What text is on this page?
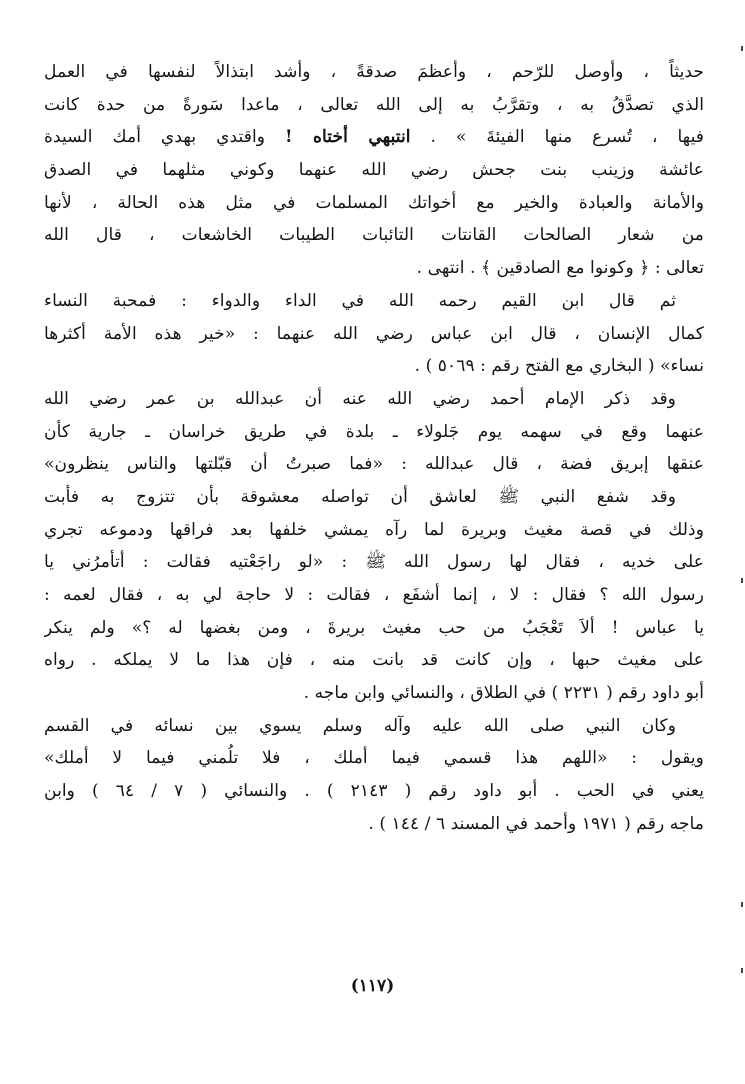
حديثاً ، وأوصل للرّحم ، وأعظمَ صدقةً ، وأشد ابتذالاً لنفسها في العمل
الذي تصدَّقُ به ، وتقرَّبُ به إلى الله تعالى ، ماعدا سَورةً من حدة كانت
فيها ، تُسرع منها الفيئةَ » . انتبهي أختاه ! واقتدي بهدي أمك السيدة
عائشة وزينب بنت جحش رضي الله عنهما وكوني مثلهما في الصدق
والأمانة والعبادة والخير مع أخواتك المسلمات في مثل هذه الحالة ، لأنها
من شعار الصالحات القانتات التائبات الطيبات الخاشعات ، قال الله
تعالى : ﴿ وكونوا مع الصادقين ﴾ . انتهى .
ثم قال ابن القيم رحمه الله في الداء والدواء : فمحبة النساء
كمال الإنسان ، قال ابن عباس رضي الله عنهما : «خير هذه الأمة أكثرها
نساء» ( البخاري مع الفتح رقم : ٥٠٦٩ ) .
وقد ذكر الإمام أحمد رضي الله عنه أن عبدالله بن عمر رضي الله
عنهما وقع في سهمه يوم جَلولاء ـ بلدة في طريق خراسان ـ جارية كأن
عنقها إبريق فضة ، قال عبدالله : «فما صبرتُ أن قبّلتها والناس ينظرون»
وقد شفع النبي ﷺ لعاشق أن تواصله معشوقة بأن تتزوج به فأبت
وذلك في قصة مغيث وبريرة لما رآه يمشي خلفها بعد فراقها ودموعه تجري
على خديه ، فقال لها رسول الله ﷺ : «لو راجَعْتيه فقالت : أتأمرُني يا
رسول الله ؟ فقال : لا ، إنما أشفَع ، فقالت : لا حاجة لي به ، فقال لعمه :
يا عباس ! ألاَ تَعْجَبُ من حب مغيث بريرةَ ، ومن بغضها له ؟» ولم ينكر
على مغيث حبها ، وإن كانت قد بانت منه ، فإن هذا ما لا يملكه . رواه
أبو داود رقم ( ٢٢٣١ ) في الطلاق ، والنسائي وابن ماجه .
وكان النبي صلى الله عليه وآله وسلم يسوي بين نسائه في القسم
ويقول : «اللهم هذا قسمي فيما أملك ، فلا تلُمني فيما لا أملك»
يعني في الحب . أبو داود رقم ( ٢١٤٣ ) . والنسائي ( ٧ / ٦٤ ) وابن
ماجه رقم ( ١٩٧١ وأحمد في المسند ٦ / ١٤٤ ) .
(١١٧)
